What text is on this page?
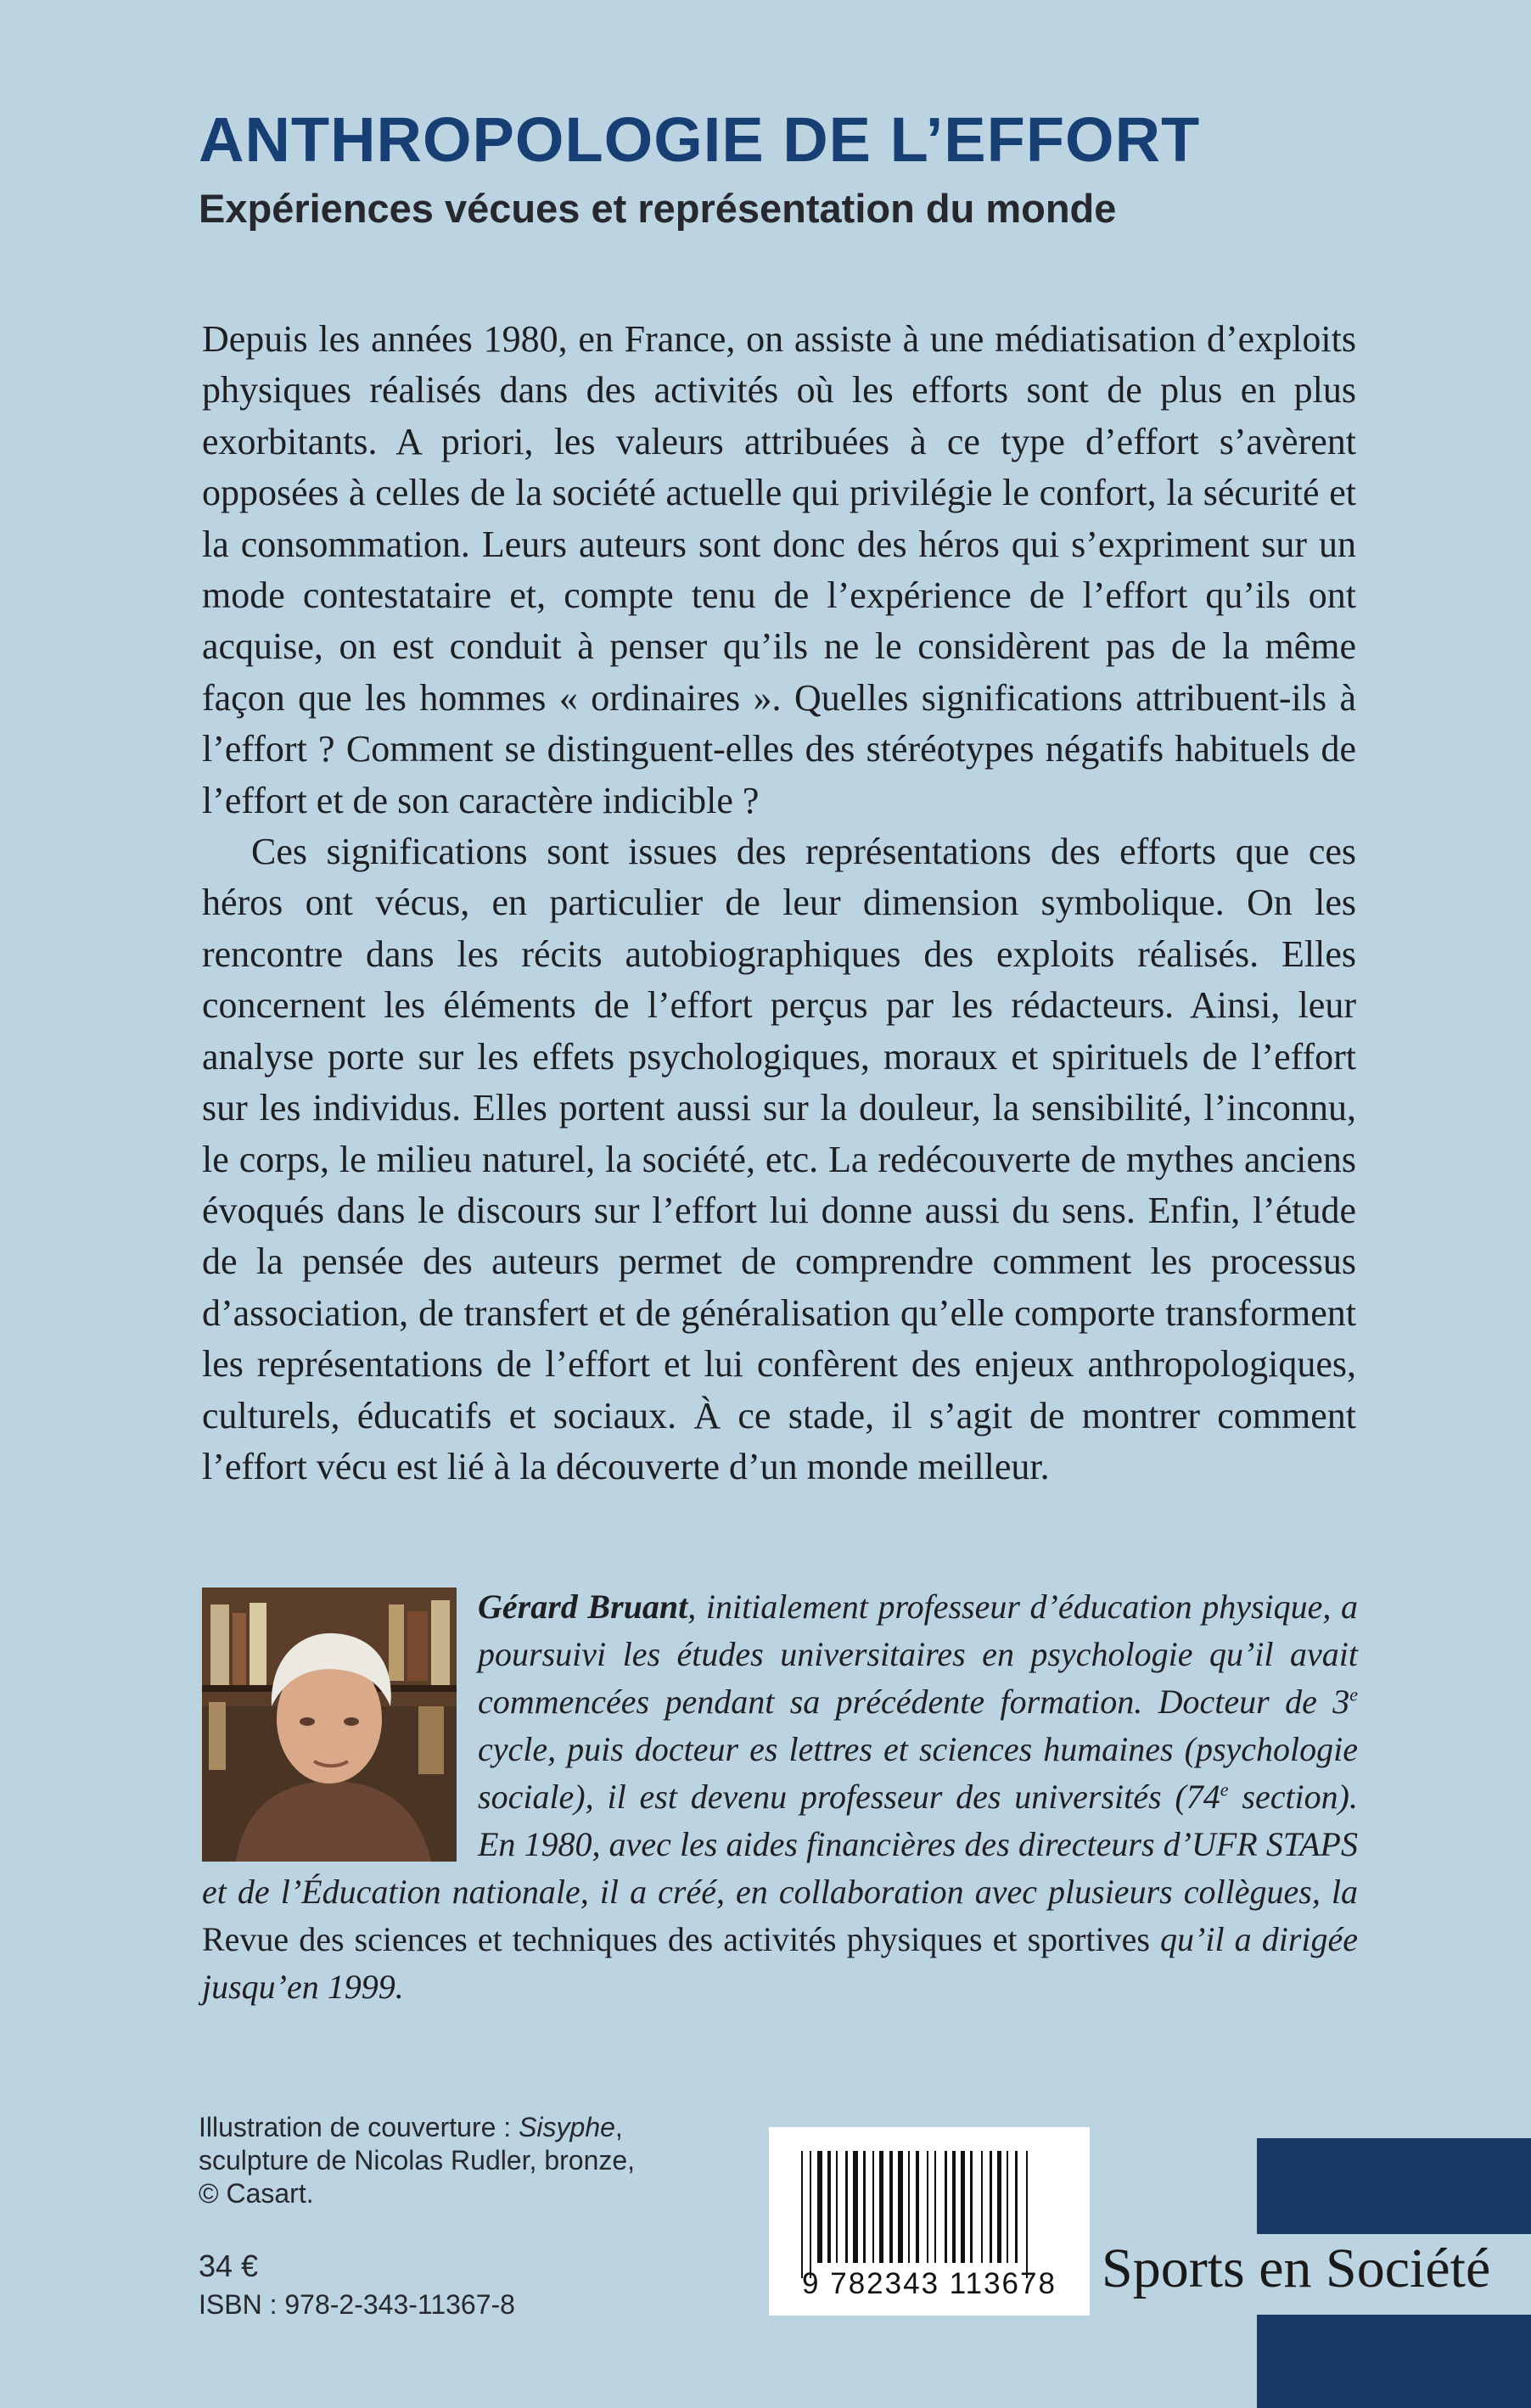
ANTHROPOLOGIE DE L’EFFORT
Expériences vécues et représentation du monde

Depuis les années 1980, en France, on assiste à une médiatisation d’exploits physiques réalisés dans des activités où les efforts sont de plus en plus exorbitants. A priori, les valeurs attribuées à ce type d’effort s’avèrent opposées à celles de la société actuelle qui privilégie le confort, la sécurité et la consommation. Leurs auteurs sont donc des héros qui s’expriment sur un mode contestataire et, compte tenu de l’expérience de l’effort qu’ils ont acquise, on est conduit à penser qu’ils ne le considèrent pas de la même façon que les hommes « ordinaires ». Quelles significations attribuent-ils à l’effort ? Comment se distinguent-elles des stéréotypes négatifs habituels de l’effort et de son caractère indicible ?

Ces significations sont issues des représentations des efforts que ces héros ont vécus, en particulier de leur dimension symbolique. On les rencontre dans les récits autobiographiques des exploits réalisés. Elles concernent les éléments de l’effort perçus par les rédacteurs. Ainsi, leur analyse porte sur les effets psychologiques, moraux et spirituels de l’effort sur les individus. Elles portent aussi sur la douleur, la sensibilité, l’inconnu, le corps, le milieu naturel, la société, etc. La redécouverte de mythes anciens évoqués dans le discours sur l’effort lui donne aussi du sens. Enfin, l’étude de la pensée des auteurs permet de comprendre comment les processus d’association, de transfert et de généralisation qu’elle comporte transforment les représentations de l’effort et lui confèrent des enjeux anthropologiques, culturels, éducatifs et sociaux. À ce stade, il s’agit de montrer comment l’effort vécu est lié à la découverte d’un monde meilleur.

Gérard Bruant, initialement professeur d’éducation physique, a poursuivi les études universitaires en psychologie qu’il avait commencées pendant sa précédente formation. Docteur de 3e cycle, puis docteur es lettres et sciences humaines (psychologie sociale), il est devenu professeur des universités (74e section). En 1980, avec les aides financières des directeurs d’UFR STAPS et de l’Éducation nationale, il a créé, en collaboration avec plusieurs collègues, la Revue des sciences et techniques des activités physiques et sportives qu’il a dirigée jusqu’en 1999.
Illustration de couverture : Sisyphe,
sculpture de Nicolas Rudler, bronze,
© Casart.
34 €
ISBN : 978-2-343-11367-8
9 782343 113678 Sports en Société
